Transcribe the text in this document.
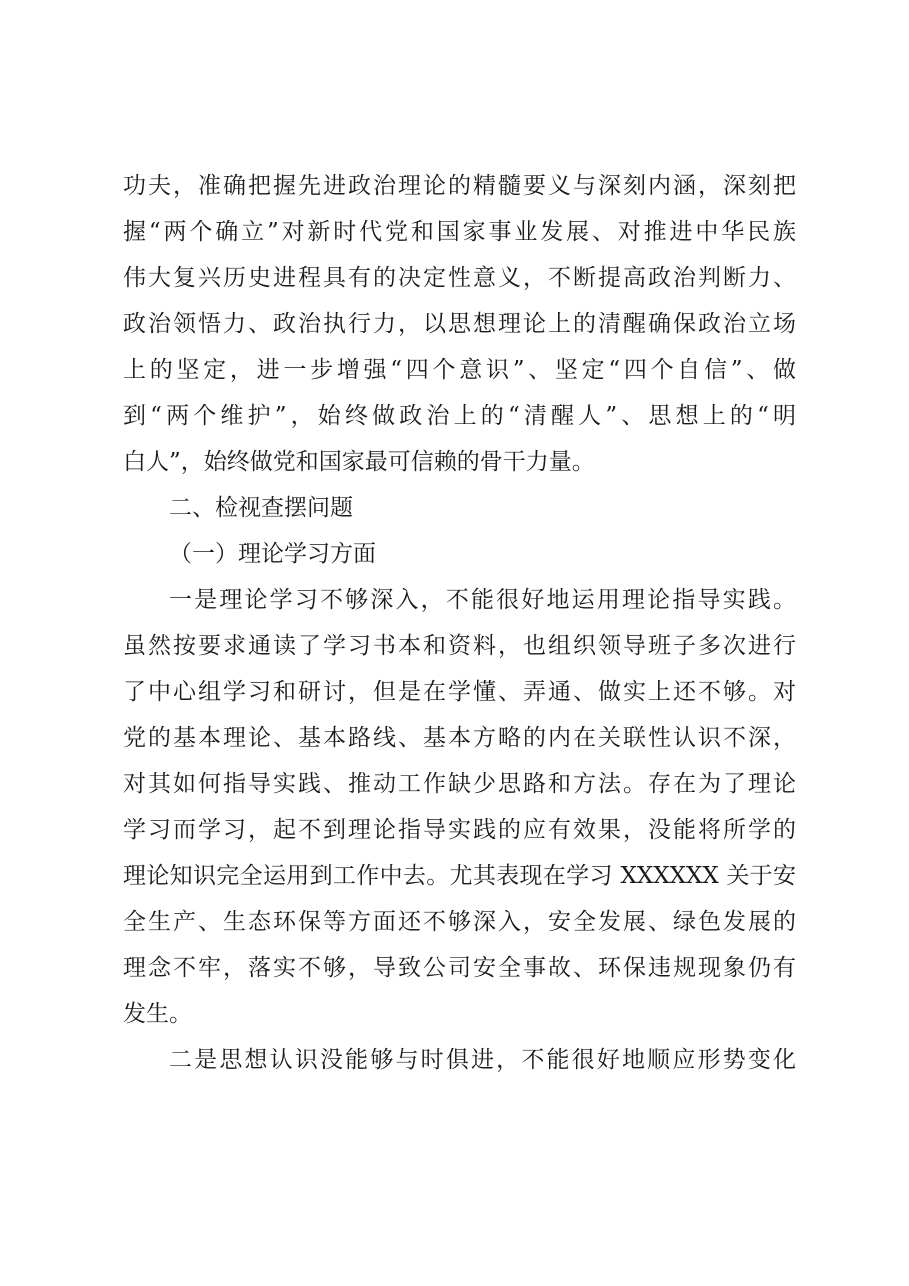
功夫，准确把握先进政治理论的精髓要义与深刻内涵，深刻把
握“两个确立”对新时代党和国家事业发展、对推进中华民族
伟大复兴历史进程具有的决定性意义，不断提高政治判断力、
政治领悟力、政治执行力，以思想理论上的清醒确保政治立场
上的坚定，进一步增强“四个意识”、坚定“四个自信”、做
到“两个维护”，始终做政治上的“清醒人”、思想上的“明
白人”，始终做党和国家最可信赖的骨干力量。
二、检视查摆问题
（一）理论学习方面
一是理论学习不够深入，不能很好地运用理论指导实践。
虽然按要求通读了学习书本和资料，也组织领导班子多次进行
了中心组学习和研讨，但是在学懂、弄通、做实上还不够。对
党的基本理论、基本路线、基本方略的内在关联性认识不深，
对其如何指导实践、推动工作缺少思路和方法。存在为了理论
学习而学习，起不到理论指导实践的应有效果，没能将所学的
理论知识完全运用到工作中去。尤其表现在学习 XXXXXX 关于安
全生产、生态环保等方面还不够深入，安全发展、绿色发展的
理念不牢，落实不够，导致公司安全事故、环保违规现象仍有
发生。
二是思想认识没能够与时俱进，不能很好地顺应形势变化
